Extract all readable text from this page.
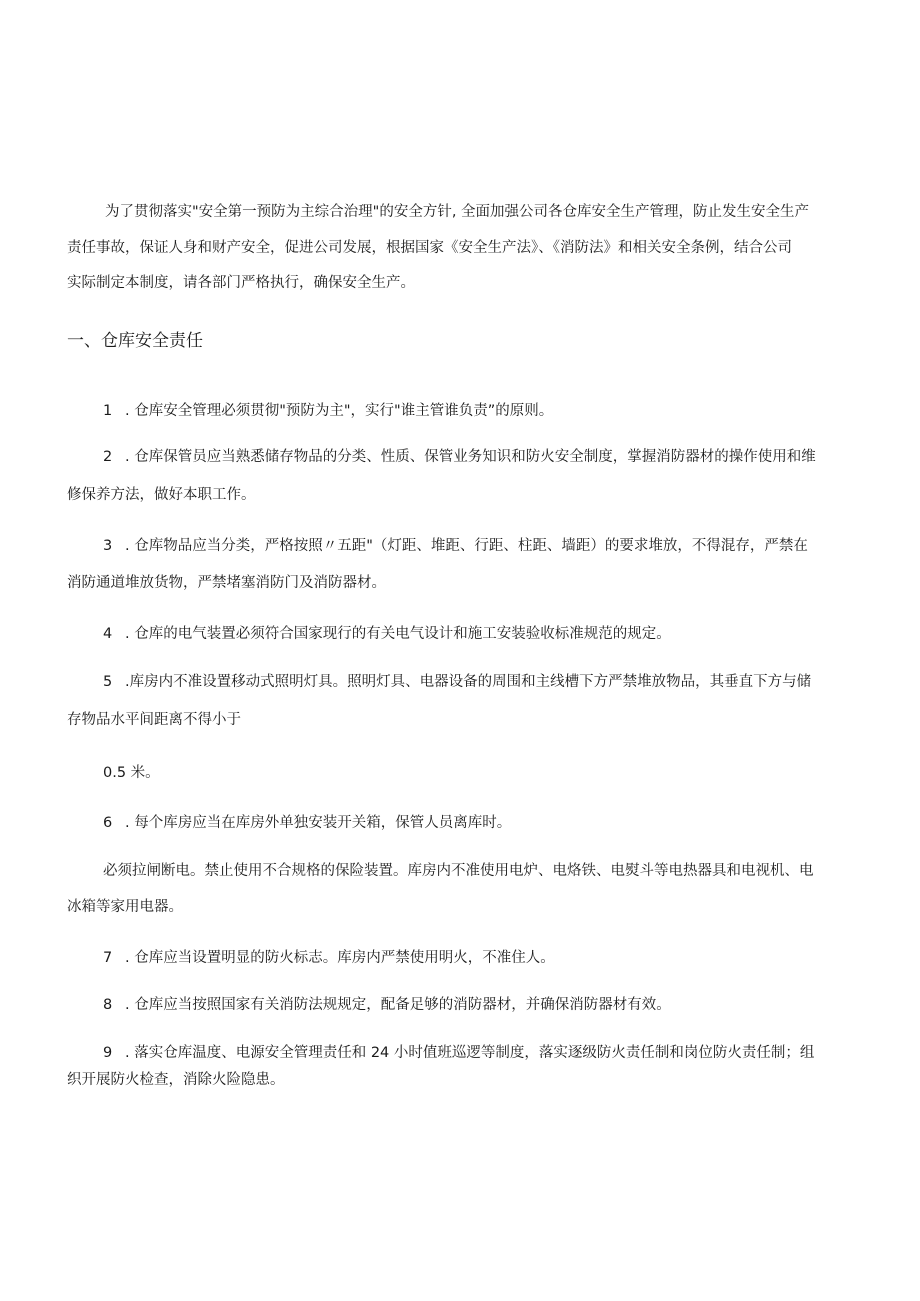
为了贯彻落实"安全第一预防为主综合治理"的安全方针, 全面加强公司各仓库安全生产管理，防止发生安全生产
责任事故，保证人身和财产安全，促进公司发展，根据国家《安全生产法》、《消防法》和相关安全条例，结合公司
实际制定本制度，请各部门严格执行，确保安全生产。
一、仓库安全责任
1 . 仓库安全管理必须贯彻"预防为主"，实行"谁主管谁负责”的原则。
2 . 仓库保管员应当熟悉储存物品的分类、性质、保管业务知识和防火安全制度，掌握消防器材的操作使用和维
修保养方法，做好本职工作。
3 . 仓库物品应当分类，严格按照〃五距"（灯距、堆距、行距、柱距、墙距）的要求堆放，不得混存，严禁在
消防通道堆放货物，严禁堵塞消防门及消防器材。
4 . 仓库的电气装置必须符合国家现行的有关电气设计和施工安装验收标准规范的规定。
5 .库房内不准设置移动式照明灯具。照明灯具、电器设备的周围和主线槽下方严禁堆放物品，其垂直下方与储
存物品水平间距离不得小于
0.5 米。
6 . 每个库房应当在库房外单独安装开关箱，保管人员离库时。
必须拉闸断电。禁止使用不合规格的保险装置。库房内不准使用电炉、电烙铁、电熨斗等电热器具和电视机、电
冰箱等家用电器。
7 . 仓库应当设置明显的防火标志。库房内严禁使用明火，不准住人。
8 . 仓库应当按照国家有关消防法规规定，配备足够的消防器材，并确保消防器材有效。
9 . 落实仓库温度、电源安全管理责任和 24 小时值班巡逻等制度，落实逐级防火责任制和岗位防火责任制；组
织开展防火检查，消除火险隐患。
